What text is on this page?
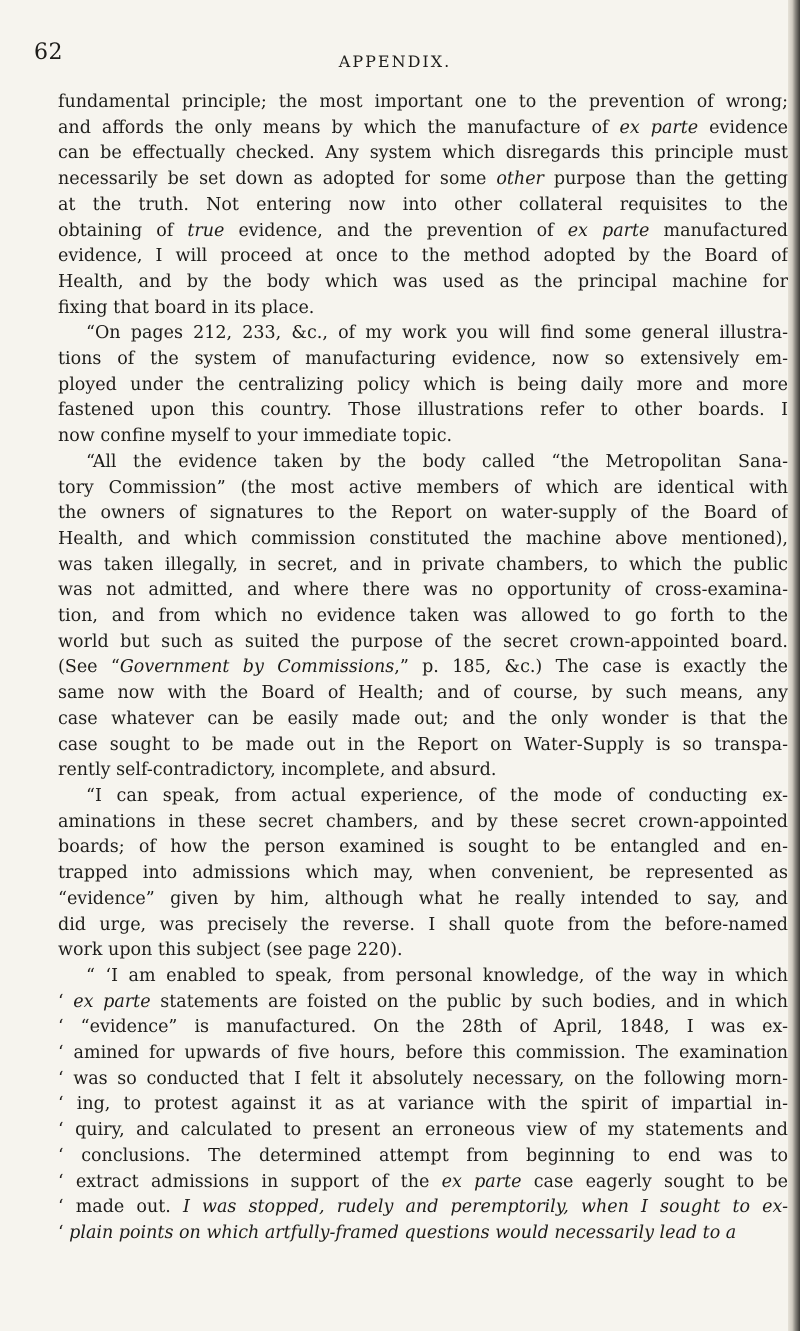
62	APPENDIX.
fundamental principle; the most important one to the prevention of wrong;
and affords the only means by which the manufacture of ex parte evidence
can be effectually checked. Any system which disregards this principle must
necessarily be set down as adopted for some other purpose than the getting
at the truth. Not entering now into other collateral requisites to the
obtaining of true evidence, and the prevention of ex parte manufactured
evidence, I will proceed at once to the method adopted by the Board of
Health, and by the body which was used as the principal machine for
fixing that board in its place.
“On pages 212, 233, &c., of my work you will find some general illustra-
tions of the system of manufacturing evidence, now so extensively em-
ployed under the centralizing policy which is being daily more and more
fastened upon this country. Those illustrations refer to other boards. I
now confine myself to your immediate topic.
“All the evidence taken by the body called “the Metropolitan Sana-
tory Commission” (the most active members of which are identical with
the owners of signatures to the Report on water-supply of the Board of
Health, and which commission constituted the machine above mentioned),
was taken illegally, in secret, and in private chambers, to which the public
was not admitted, and where there was no opportunity of cross-examina-
tion, and from which no evidence taken was allowed to go forth to the
world but such as suited the purpose of the secret crown-appointed board.
(See “Government by Commissions,” p. 185, &c.) The case is exactly the
same now with the Board of Health; and of course, by such means, any
case whatever can be easily made out; and the only wonder is that the
case sought to be made out in the Report on Water-Supply is so transpa-
rently self-contradictory, incomplete, and absurd.
“I can speak, from actual experience, of the mode of conducting ex-
aminations in these secret chambers, and by these secret crown-appointed
boards; of how the person examined is sought to be entangled and en-
trapped into admissions which may, when convenient, be represented as
“evidence” given by him, although what he really intended to say, and
did urge, was precisely the reverse. I shall quote from the before-named
work upon this subject (see page 220).
“ ‘I am enabled to speak, from personal knowledge, of the way in which
‘ ex parte statements are foisted on the public by such bodies, and in which
‘ “evidence” is manufactured. On the 28th of April, 1848, I was ex-
‘ amined for upwards of five hours, before this commission. The examination
‘ was so conducted that I felt it absolutely necessary, on the following morn-
‘ ing, to protest against it as at variance with the spirit of impartial in-
‘ quiry, and calculated to present an erroneous view of my statements and
‘ conclusions. The determined attempt from beginning to end was to
‘ extract admissions in support of the ex parte case eagerly sought to be
‘ made out. I was stopped, rudely and peremptorily, when I sought to ex-
‘ plain points on which artfully-framed questions would necessarily lead to a
